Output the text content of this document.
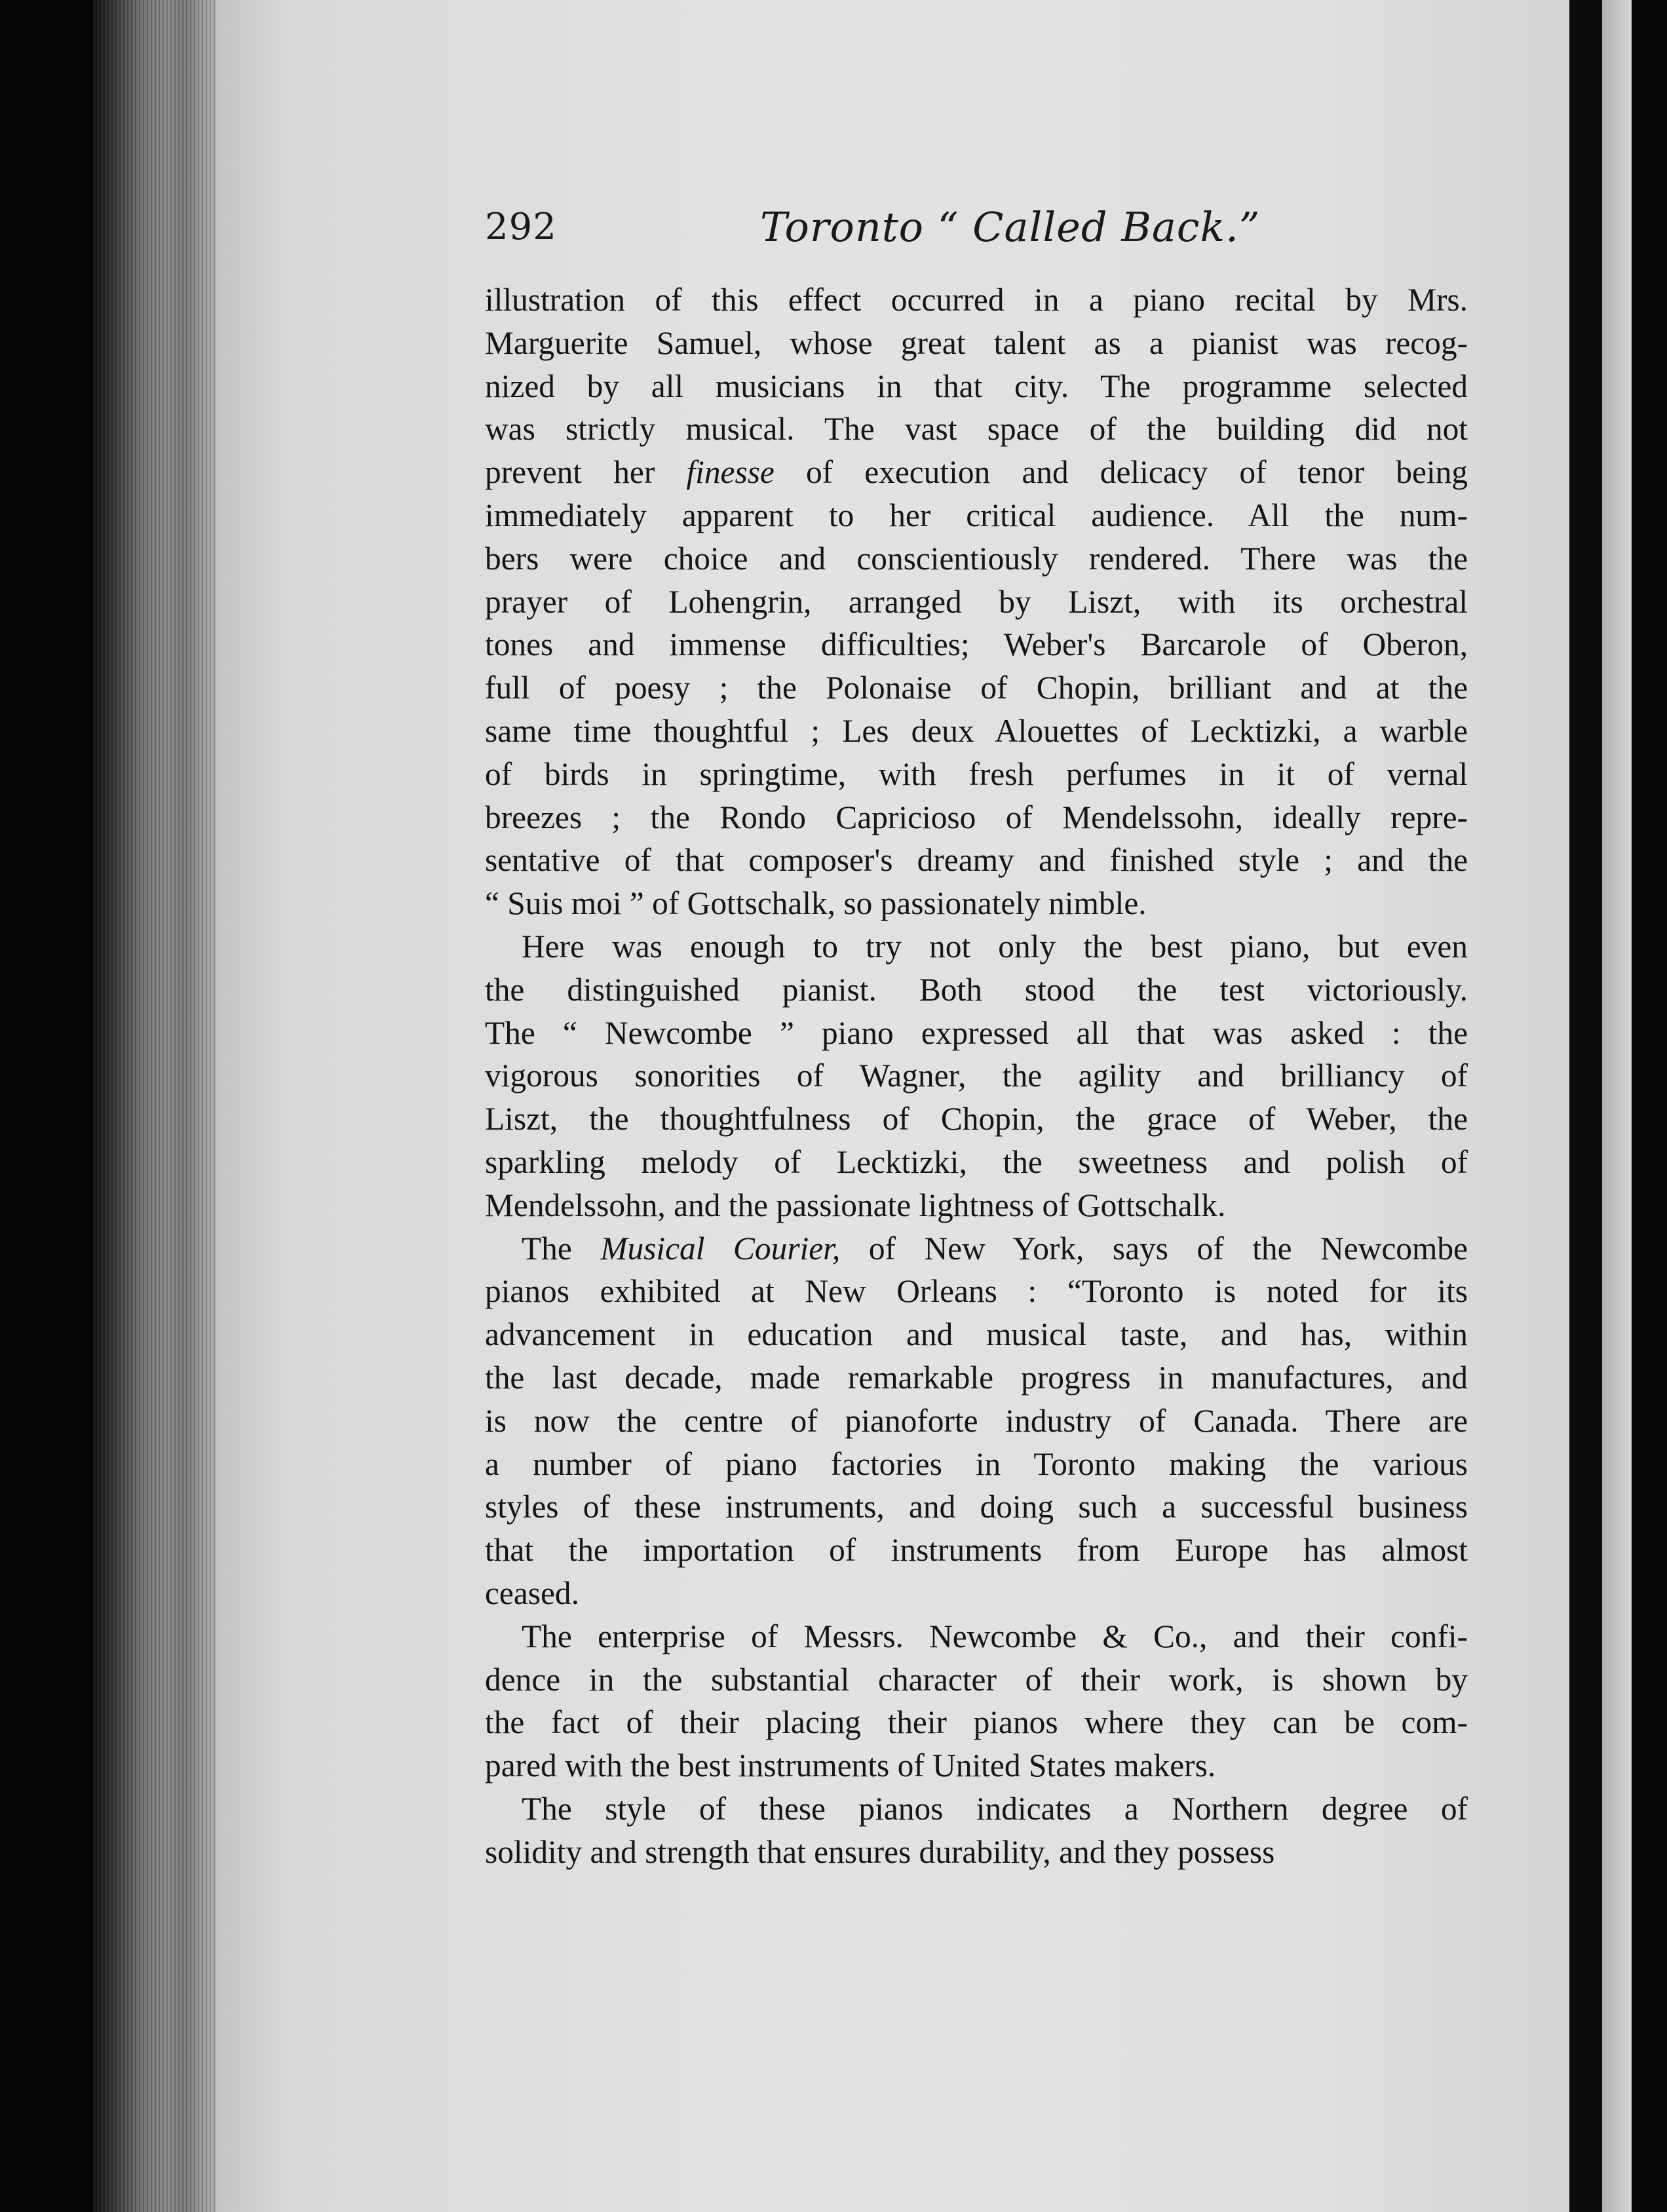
292	Toronto “ Called Back.”

illustration of this effect occurred in a piano recital by Mrs.
Marguerite Samuel, whose great talent as a pianist was recog-
nized by all musicians in that city. The programme selected
was strictly musical. The vast space of the building did not
prevent her finesse of execution and delicacy of tenor being
immediately apparent to her critical audience. All the num-
bers were choice and conscientiously rendered. There was the
prayer of Lohengrin, arranged by Liszt, with its orchestral
tones and immense difficulties; Weber's Barcarole of Oberon,
full of poesy ; the Polonaise of Chopin, brilliant and at the
same time thoughtful ; Les deux Alouettes of Lecktizki, a warble
of birds in springtime, with fresh perfumes in it of vernal
breezes ; the Rondo Capricioso of Mendelssohn, ideally repre-
sentative of that composer's dreamy and finished style ; and the
“ Suis moi ” of Gottschalk, so passionately nimble.

Here was enough to try not only the best piano, but even
the distinguished pianist. Both stood the test victoriously.
The “ Newcombe ” piano expressed all that was asked : the
vigorous sonorities of Wagner, the agility and brilliancy of
Liszt, the thoughtfulness of Chopin, the grace of Weber, the
sparkling melody of Lecktizki, the sweetness and polish of
Mendelssohn, and the passionate lightness of Gottschalk.

The Musical Courier, of New York, says of the Newcombe
pianos exhibited at New Orleans : “Toronto is noted for its
advancement in education and musical taste, and has, within
the last decade, made remarkable progress in manufactures, and
is now the centre of pianoforte industry of Canada. There are
a number of piano factories in Toronto making the various
styles of these instruments, and doing such a successful business
that the importation of instruments from Europe has almost
ceased.

The enterprise of Messrs. Newcombe & Co., and their confi-
dence in the substantial character of their work, is shown by
the fact of their placing their pianos where they can be com-
pared with the best instruments of United States makers.

The style of these pianos indicates a Northern degree of
solidity and strength that ensures durability, and they possess
